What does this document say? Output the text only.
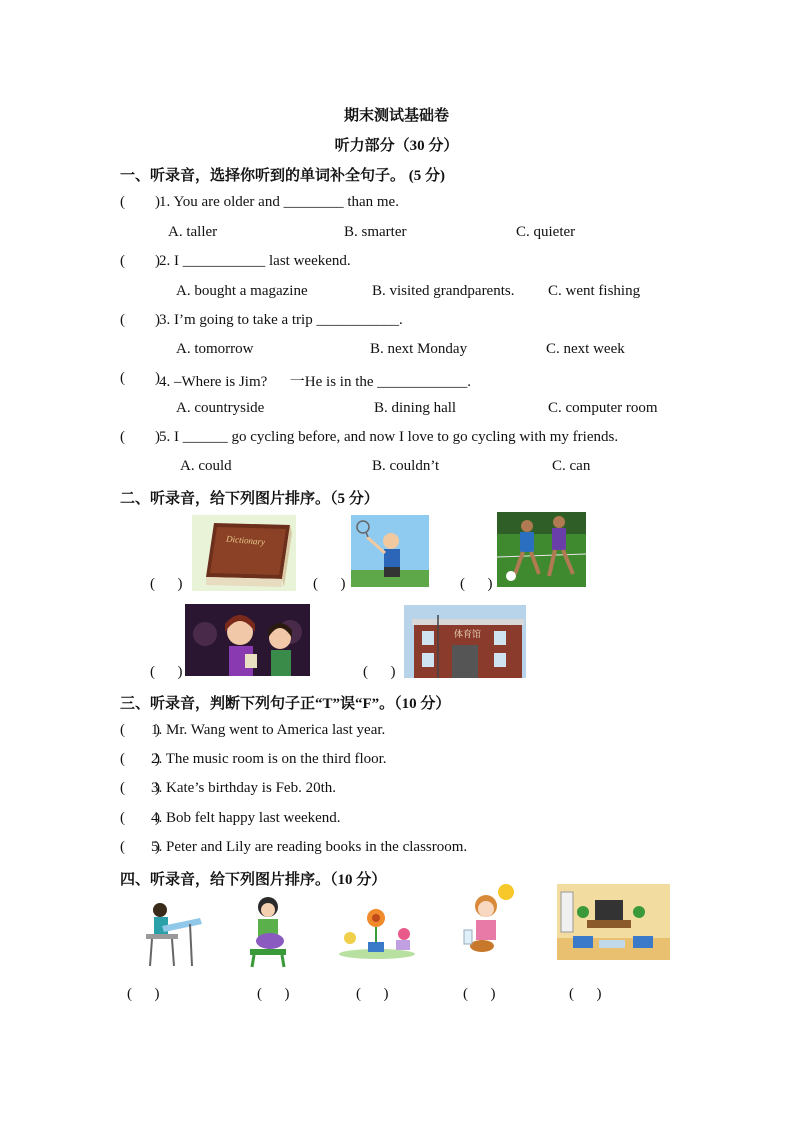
期末测试基础卷
听力部分（30 分）
一、听录音，选择你听到的单词补全句子。 (5 分)
(        ) 1. You are older and ________ than me.
A. taller	B. smarter	C. quieter
(        ) 2. I ___________ last weekend.
A. bought a magazine	B. visited grandparents. C. went fishing
(        ) 3. I’m going to take a trip ___________.
A. tomorrow	B. next Monday	C. next week
(        ) 4. –Where is Jim?      一He is in the ____________.
A. countryside	B. dining hall	C. computer room
(        ) 5. I ______ go cycling before, and now I love to go cycling with my friends.
A. could	B. couldn’t	C. can
二、听录音，给下列图片排序。（5 分）
Dictionary
(      )	(      )	(      )
(      )
体育馆
(      )
三、听录音，判断下列句子正“T”误“F”。（10 分）
(        )
1. Mr. Wang went to America last year.
(        )
2. The music room is on the third floor.
(        )
3. Kate’s birthday is Feb. 20th.
(        )
4. Bob felt happy last weekend.
(        )
5. Peter and Lily are reading books in the classroom.
四、听录音，给下列图片排序。（10 分）
(      )	(      )	(      )	(      )	(      )
